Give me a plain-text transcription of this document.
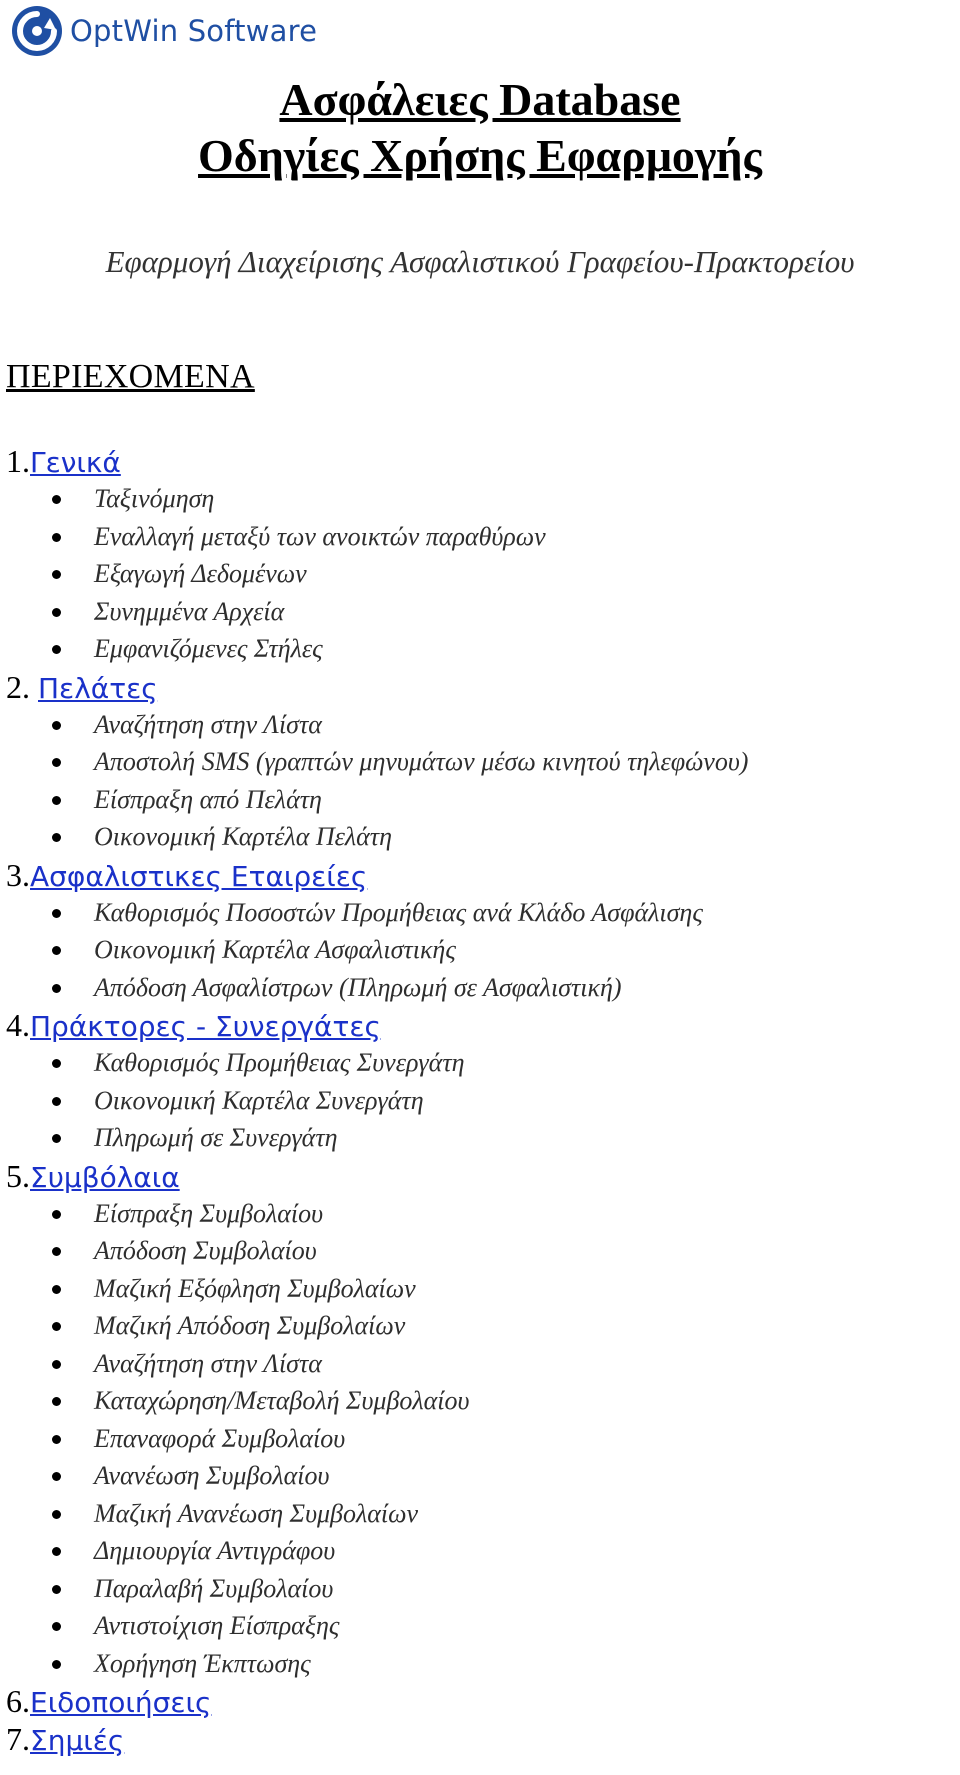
OptWin Software
Ασφάλειες Database
Οδηγίες Χρήσης Εφαρμογής
Εφαρμογή Διαχείρισης Ασφαλιστικού Γραφείου-Πρακτορείου
ΠΕΡΙΕΧΟΜΕΝΑ
1.Γενικά
Ταξινόμηση
Εναλλαγή μεταξύ των ανοικτών παραθύρων
Εξαγωγή Δεδομένων
Συνημμένα Αρχεία
Εμφανιζόμενες Στήλες
2. Πελάτες
Αναζήτηση στην Λίστα
Αποστολή SMS (γραπτών μηνυμάτων μέσω κινητού τηλεφώνου)
Είσπραξη από Πελάτη
Οικονομική Καρτέλα Πελάτη
3.Ασφαλιστικες Εταιρείες
Καθορισμός Ποσοστών Προμήθειας ανά Κλάδο Ασφάλισης
Οικονομική Καρτέλα Ασφαλιστικής
Απόδοση Ασφαλίστρων (Πληρωμή σε Ασφαλιστική)
4.Πράκτορες - Συνεργάτες
Καθορισμός Προμήθειας Συνεργάτη
Οικονομική Καρτέλα Συνεργάτη
Πληρωμή σε Συνεργάτη
5.Συμβόλαια
Είσπραξη Συμβολαίου
Απόδοση Συμβολαίου
Μαζική Εξόφληση Συμβολαίων
Μαζική Απόδοση Συμβολαίων
Αναζήτηση στην Λίστα
Καταχώρηση/Μεταβολή Συμβολαίου
Επαναφορά Συμβολαίου
Ανανέωση Συμβολαίου
Μαζική Ανανέωση Συμβολαίων
Δημιουργία Αντιγράφου
Παραλαβή Συμβολαίου
Αντιστοίχιση Είσπραξης
Χορήγηση Έκπτωσης
6.Ειδοποιήσεις
7.Σημιές
